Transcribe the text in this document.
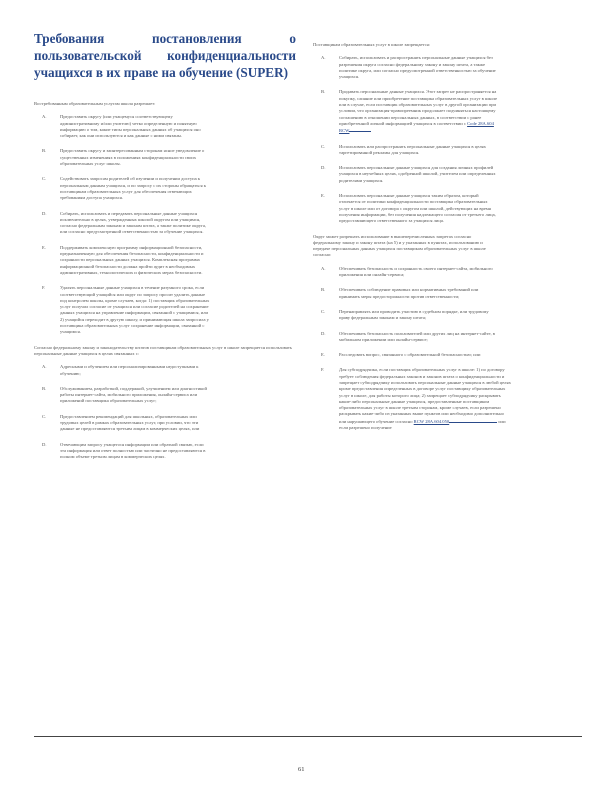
Требования постановления о
пользовательской конфиденциальности
учащихся в их праве на обучение (SUPER)

Востребованным образовательным услугам школа разрешает:

A.	Предоставить округу (или учащемуся соответствующему административному и/или учителю) четко определенную и понятную информацию о том, какие типы персональных данных об учащихся оно собирает, как они используются и как данные с ними связаны.
B.	Предоставить округу и заинтересованным сторонам ясное уведомление о существенных изменениях в положениях конфиденциальности своих образовательных услуг школы.
C.	Содействовать запросам родителей об изучении и получении доступа к персональным данным учащихся, и по запросу с их стороны обращаться к поставщикам образовательных услуг для обеспечения отвечающих требованиям доступа учащихся.
D.	Собирать, использовать и передавать персональные данные учащихся исключительно в целях, утвержденных школой округом или учащимся, согласно федеральным законам и законам штата, а также политике округа, или согласно предусмотренной ответственностью за обучение учащихся.
E.	Поддерживать комплексную программу информационной безопасности, предназначенную для обеспечения безопасности, конфиденциальности и сохранности персональных данных учащихся. Комплексная программа информационной безопасности должна пройти аудит в необходимых административных, технологических и физических мерах безопасности.
F.	Удалять персональные данные учащихся в течение разумного срока, если соответствующий учащийся или округ по запросу просит удалить данные под контролем школы, кроме случаев, когда: 1) поставщик образовательных услуг получил согласие от учащихся или согласие родителей на сохранение данных учащихся на управление информации, связанной с учащимися, или 2) учащийся переходит в другую школу, и принимающая школа запросила у поставщика образовательных услуг сохранение информации, связанной с учащимся.

Согласно федеральному закону и законодательству штатов поставщикам образовательных услуг в школе запрещается использовать персональные данные учащихся в целях связанных с:

A.	Адресными и обучением или персонализированными недоступными к обучению;
B.	Обслуживанием, разработкой, поддержкой, улучшением или диагностикой работы интернет-сайта, мобильного приложения, онлайн-сервиса или приложений поставщика образовательных услуг;
C.	Предоставлением рекомендаций для школьных, образовательных или трудовых целей в рамках образовательных услуг, при условии, что эти данные не предоставляются третьим лицам в коммерческих целях, или
D.	Отвечающим запросу учащегося информации или обратной связью, если эта информация или ответ полностью или частично не предоставляются в полном объеме третьим лицам в коммерческих целях.

Поставщикам образовательных услуг в школе запрещается:

A.	Собирать, использовать и распространять персональные данные учащихся без разрешения округа согласно федеральному закону и закону штата, а также политике округа, или согласно предусмотренной ответственностью за обучение учащихся.
B.	Продавать персональные данные учащихся. Этот запрет не распространяется на покупку, слияние или приобретение поставщика образовательных услуг в школе или в случае, если поставщик образовательных услуг в другой организации при условии, что организация-правопреемник продолжает подчиняться настоящему соглашению в отношении персональных данных, в соответствии с ранее приобретенной личной информацией учащихся в соответствии с Code 28A.604 RCW
C.	Использовать или распространять персональные данные учащихся в целях таргетированной рекламы для учащихся.
D.	Использовать персональные данные учащихся для создания личных профилей учащихся в неучебных целях, одобренной школой, учителем или определенных родителями учащихся.
E.	Использовать персональные данные учащихся таким образом, который отличается от политики конфиденциальности поставщика образовательных услуг в школе или от договора с округом или школой, действующих на время получения информации, без получения надлежащего согласия от третьего лица, предоставляющего ответственного за учащихся лица.

Округ может разрешать использование в вышеперечисленных запретах согласно федеральному закону и закону штата (на 5) и у указанных в пунктах, использованию и передаче персональных данных учащихся поставщикам образовательных услуг в школе согласно:

A.	Обеспечивать безопасность и сохранность своего интернет-сайта, мобильного приложения или онлайн-сервиса;
B.	Обеспечивать соблюдение правовых или нормативных требований или принимать меры предосторожности против ответственности;
C.	Перенаправлять или проводить участию в судебном порядке, или трудовому праву федеральным законам и закону штата;
D.	Обеспечивать безопасность пользователей или других лиц на интернет-сайте, в мобильном приложении или онлайн-сервисе;
E.	Расследовать вопрос, связанного с образовательной безопасностью; или
F.	Для субподрядчика, если поставщик образовательных услуг в школе: 1) по договору требует соблюдения федеральных законов и законов штата о конфиденциальности и запрещает субподрядчику использовать персональные данные учащихся в любой целях кроме предоставления определенных в договоре услуг поставщику образовательных услуг в школе, для работы которого лица; 2) запрещает субподрядчику раскрывать какие-либо персональные данные учащихся, предоставленные поставщиком образовательных услуг в школе третьим сторонам, кроме случаев, если разрешено раскрывать какие-либо из указанных выше пунктов или необходимо дополнительно или нарушающего обучение согласно RCW 28A.604.050	или если разрешено получение
61
